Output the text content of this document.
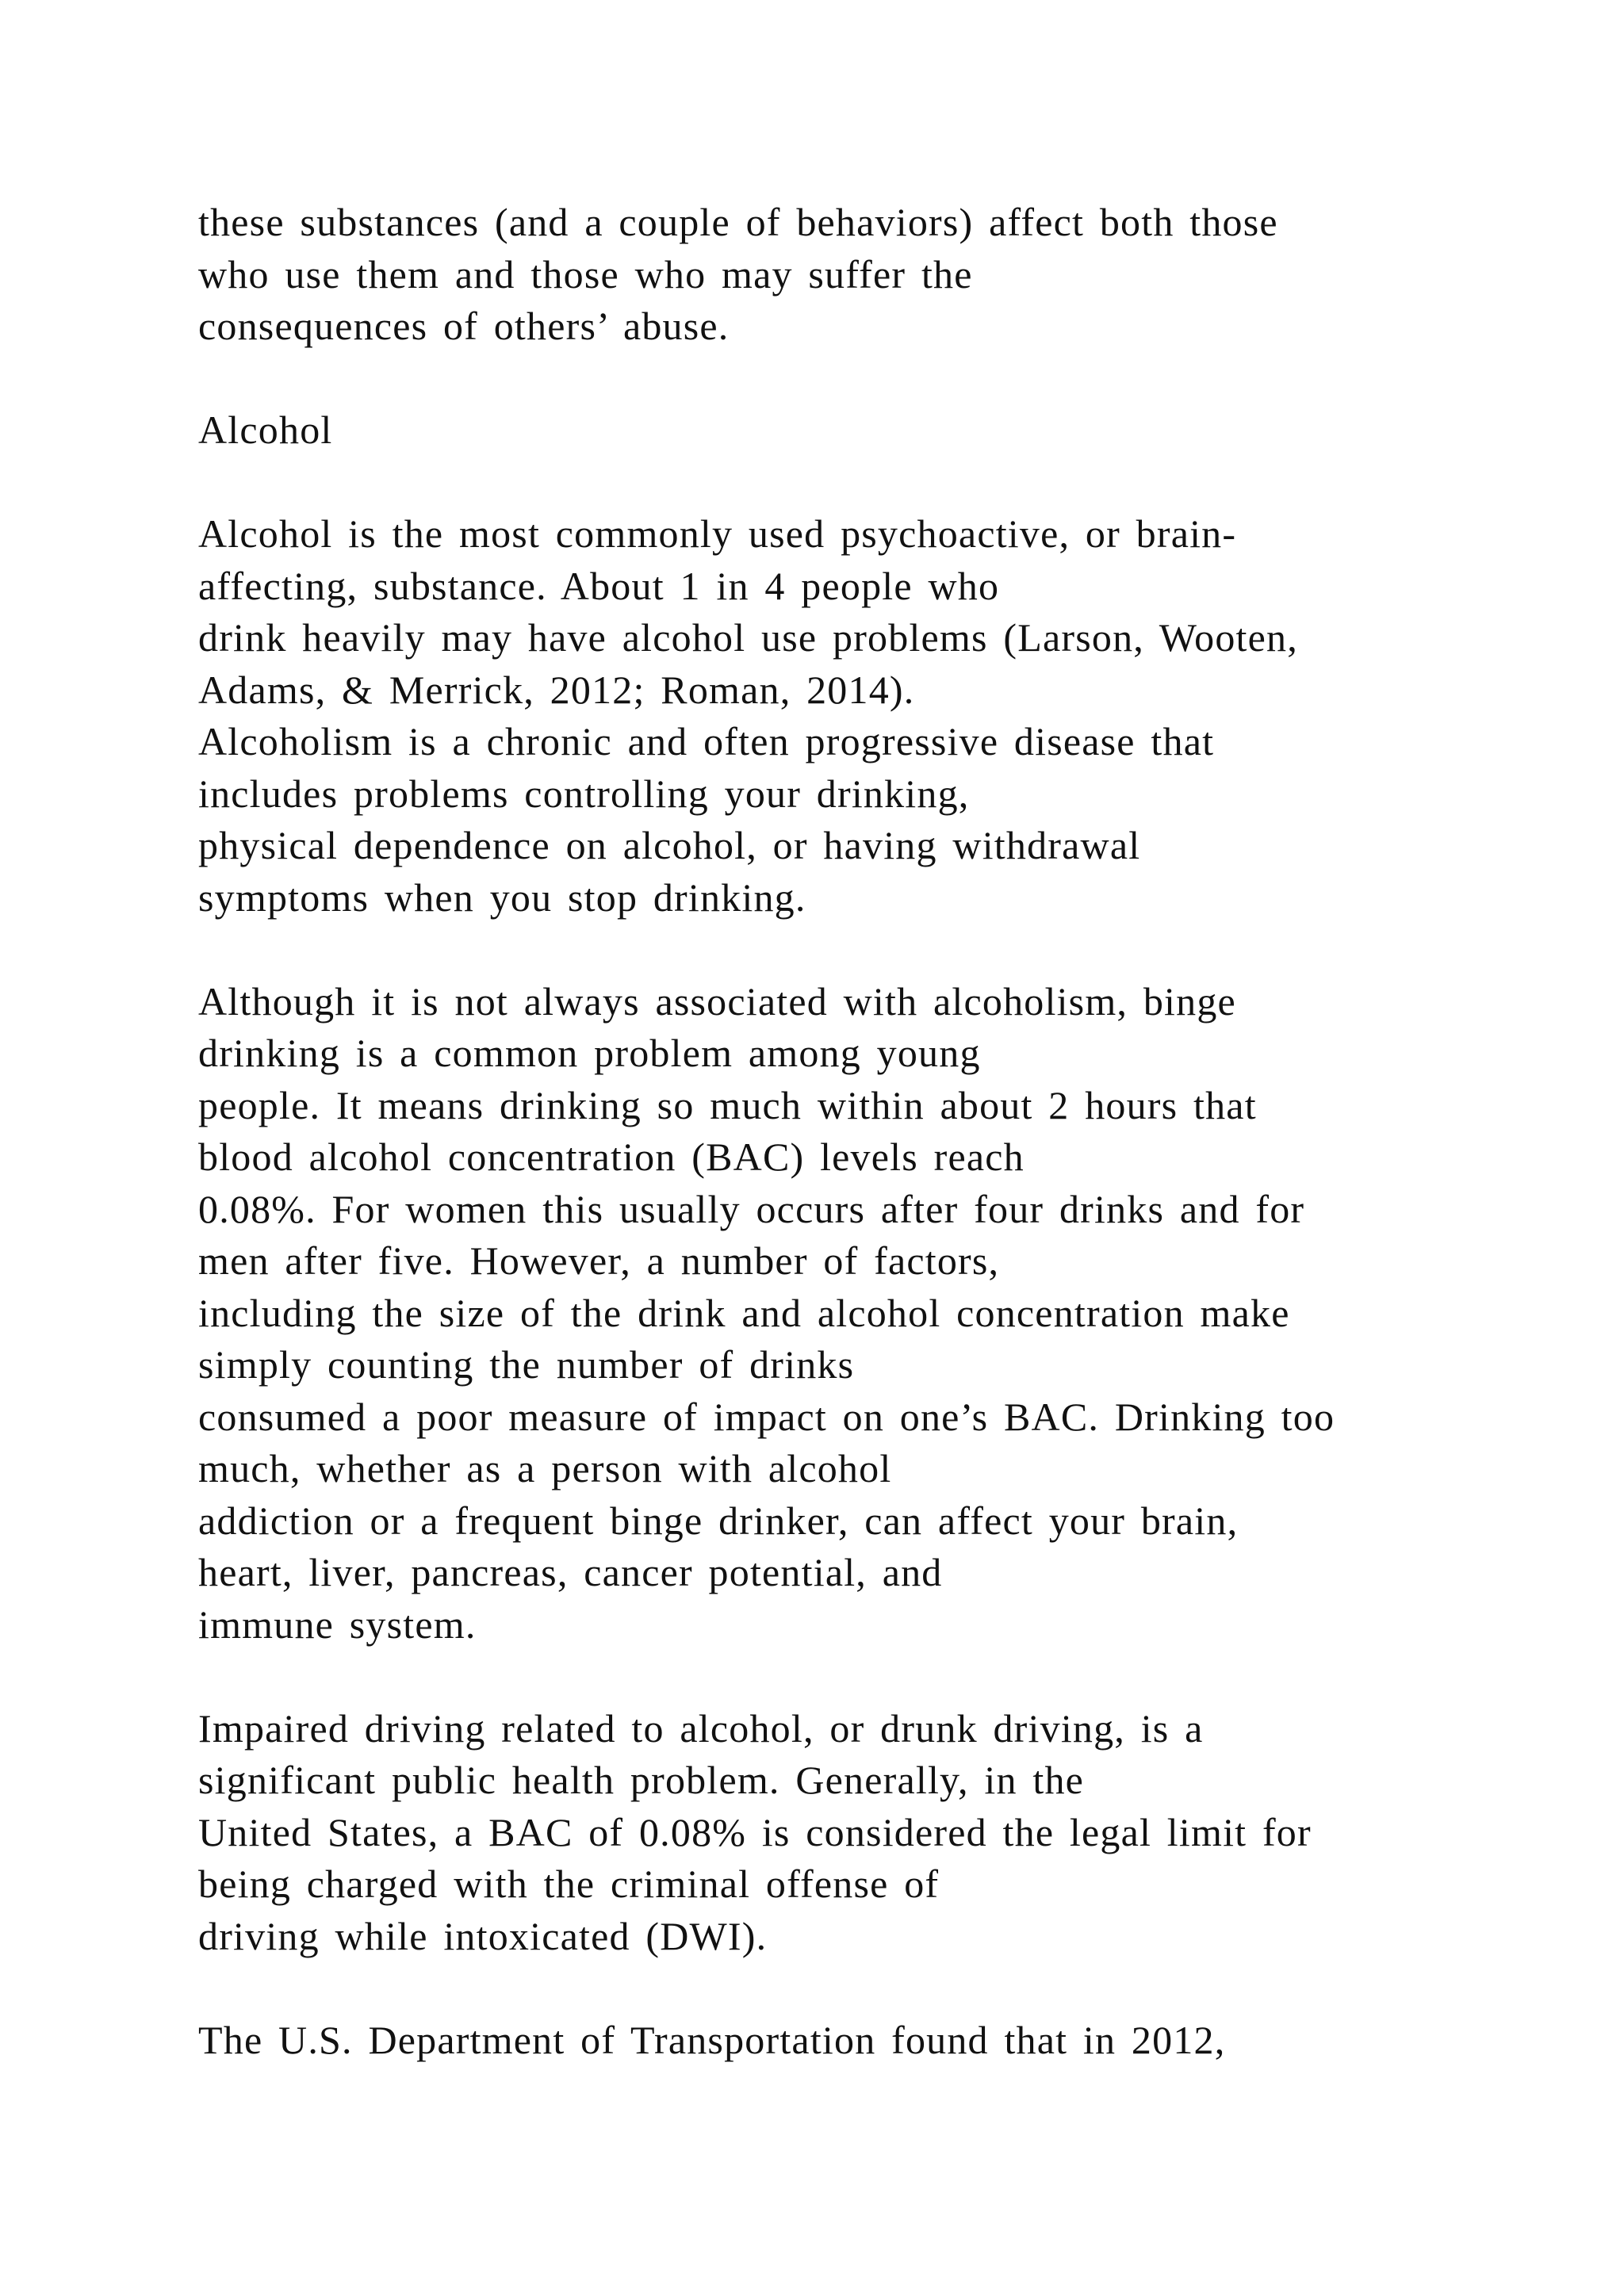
these substances (and a couple of behaviors) affect both those
who use them and those who may suffer the
consequences of others’ abuse.
Alcohol
Alcohol is the most commonly used psychoactive, or brain-
affecting, substance. About 1 in 4 people who
drink heavily may have alcohol use problems (Larson, Wooten,
Adams, & Merrick, 2012; Roman, 2014).
Alcoholism is a chronic and often progressive disease that
includes problems controlling your drinking,
physical dependence on alcohol, or having withdrawal
symptoms when you stop drinking.
Although it is not always associated with alcoholism, binge
drinking is a common problem among young
people. It means drinking so much within about 2 hours that
blood alcohol concentration (BAC) levels reach
0.08%. For women this usually occurs after four drinks and for
men after five. However, a number of factors,
including the size of the drink and alcohol concentration make
simply counting the number of drinks
consumed a poor measure of impact on one’s BAC. Drinking too
much, whether as a person with alcohol
addiction or a frequent binge drinker, can affect your brain,
heart, liver, pancreas, cancer potential, and
immune system.
Impaired driving related to alcohol, or drunk driving, is a
significant public health problem. Generally, in the
United States, a BAC of 0.08% is considered the legal limit for
being charged with the criminal offense of
driving while intoxicated (DWI).
The U.S. Department of Transportation found that in 2012,
